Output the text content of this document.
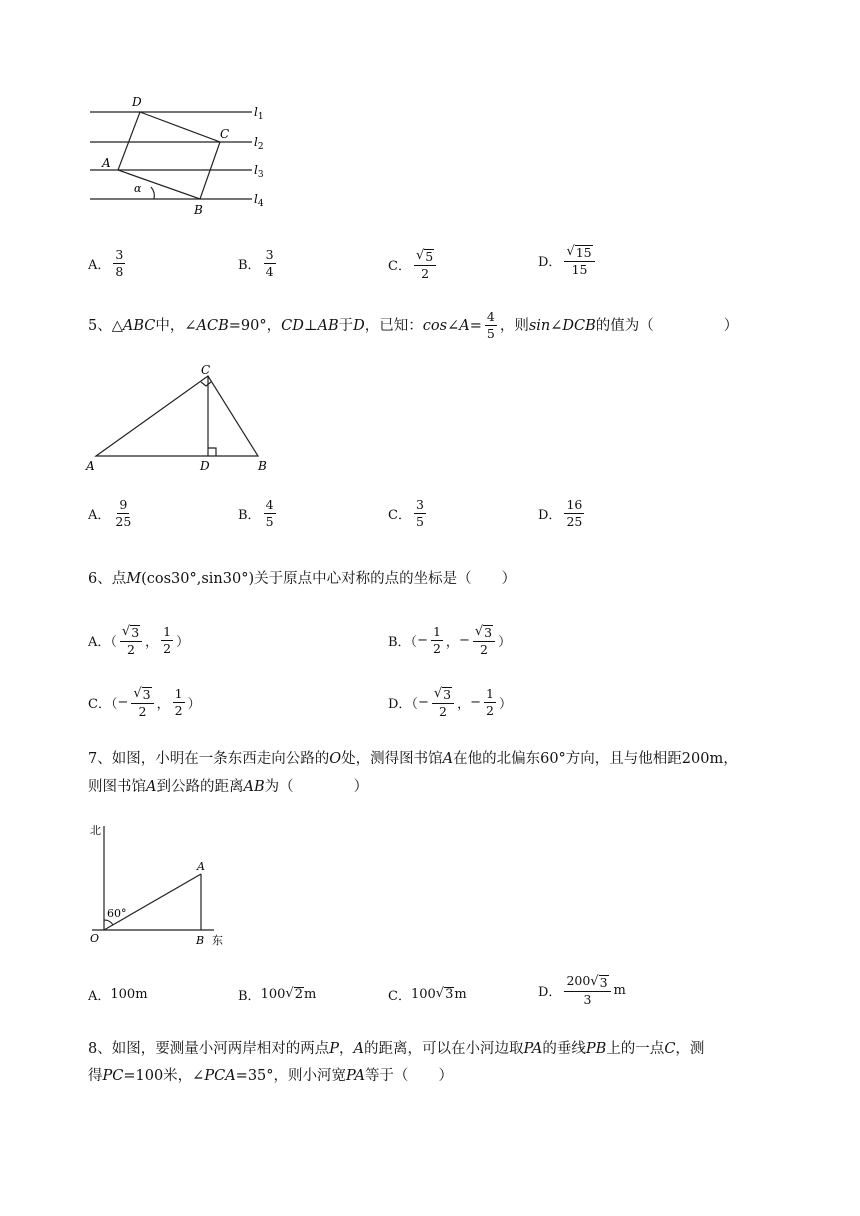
D
C
A
B
α
$l_1$
$l_2$
$l_3$
$l_4$
A． $\frac{3}{8}$	B． $\frac{3}{4}$	C． $\frac{√ 5}{2}$	D． $\frac{√ 15}{15}$
5、 △ ABC 中，∠ ACB =90°， CD ⊥ AB 于 D ，已知： cos∠A = $\frac{4}{5}$ ，则 sin∠DCB 的值为（	）
C
A	D	B
A． $\frac{9}{25}$	B． $\frac{4}{5}$	C． $\frac{3}{5}$	D． $\frac{16}{25}$
6、点M(cos30°,sin30°)关于原点中心对称的点的坐标是（ ）
A．（ $\frac{√ 3}{2}$ ， $\frac{1}{2}$ ）	B．（ − $\frac{1}{2}$ ， − $\frac{√ 3}{2}$ ）
C．（ − $\frac{√ 3}{2}$ ， $\frac{1}{2}$ ）	D．（ − $\frac{√ 3}{2}$ ， − $\frac{1}{2}$ ）
7、如图，小明在一条东西走向公路的O处，测得图书馆A在他的北偏东60°方向，且与他相距200m，
则图书馆A到公路的距离AB为（	）
北
60°
A
O	B 东
A． 100m	B． 100 √ 2 m	C． 100 √ 3 m	D． $\frac{200 √ 3}{3}$ m
8、如图，要测量小河两岸相对的两点P，A的距离，可以在小河边取PA的垂线PB上的一点C，测
得PC=100米，∠PCA=35°，则小河宽PA等于（ ）
